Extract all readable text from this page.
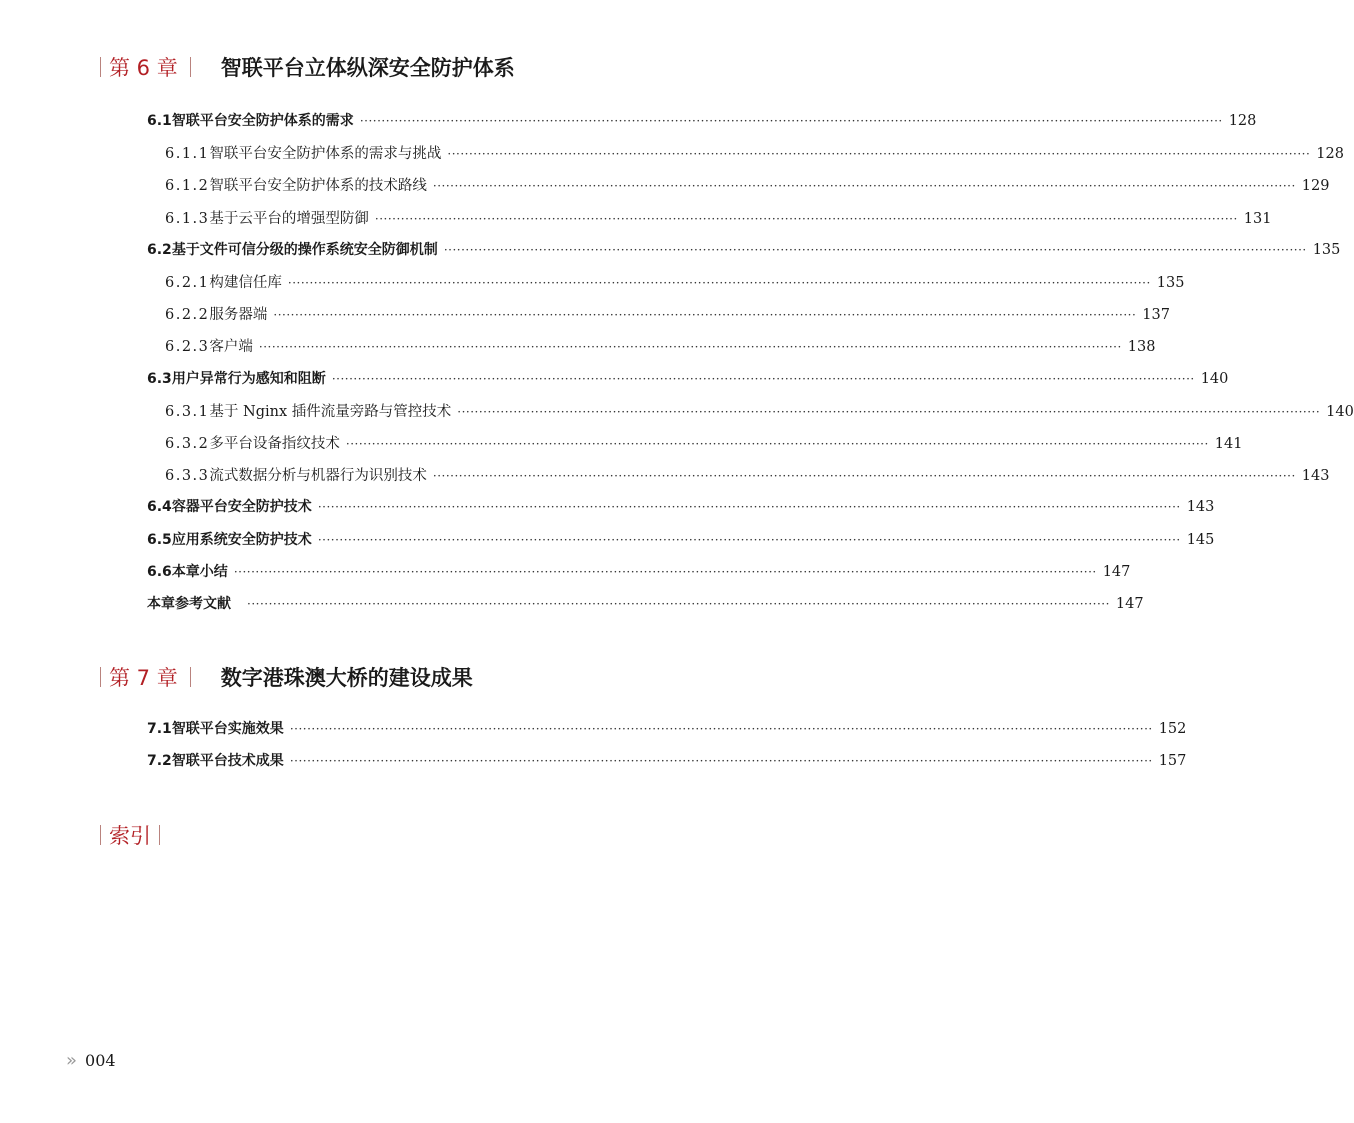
第 6 章 智联平台立体纵深安全防护体系
6.1 智联平台安全防护体系的需求 ········································································································································································································ 128
6.1.1 智联平台安全防护体系的需求与挑战 ········································································································································································································ 128
6.1.2 智联平台安全防护体系的技术路线 ········································································································································································································ 129
6.1.3 基于云平台的增强型防御 ········································································································································································································ 131
6.2 基于文件可信分级的操作系统安全防御机制 ········································································································································································································ 135
6.2.1 构建信任库 ········································································································································································································ 135
6.2.2 服务器端 ········································································································································································································ 137
6.2.3 客户端 ········································································································································································································ 138
6.3 用户异常行为感知和阻断 ········································································································································································································ 140
6.3.1 基于 Nginx 插件流量旁路与管控技术 ········································································································································································································ 140
6.3.2 多平台设备指纹技术 ········································································································································································································ 141
6.3.3 流式数据分析与机器行为识别技术 ········································································································································································································ 143
6.4 容器平台安全防护技术 ········································································································································································································ 143
6.5 应用系统安全防护技术 ········································································································································································································ 145
6.6 本章小结 ········································································································································································································ 147
本章参考文献 ········································································································································································································ 147
第 7 章 数字港珠澳大桥的建设成果
7.1 智联平台实施效果 ········································································································································································································ 152
7.2 智联平台技术成果 ········································································································································································································ 157
索引
» 004
